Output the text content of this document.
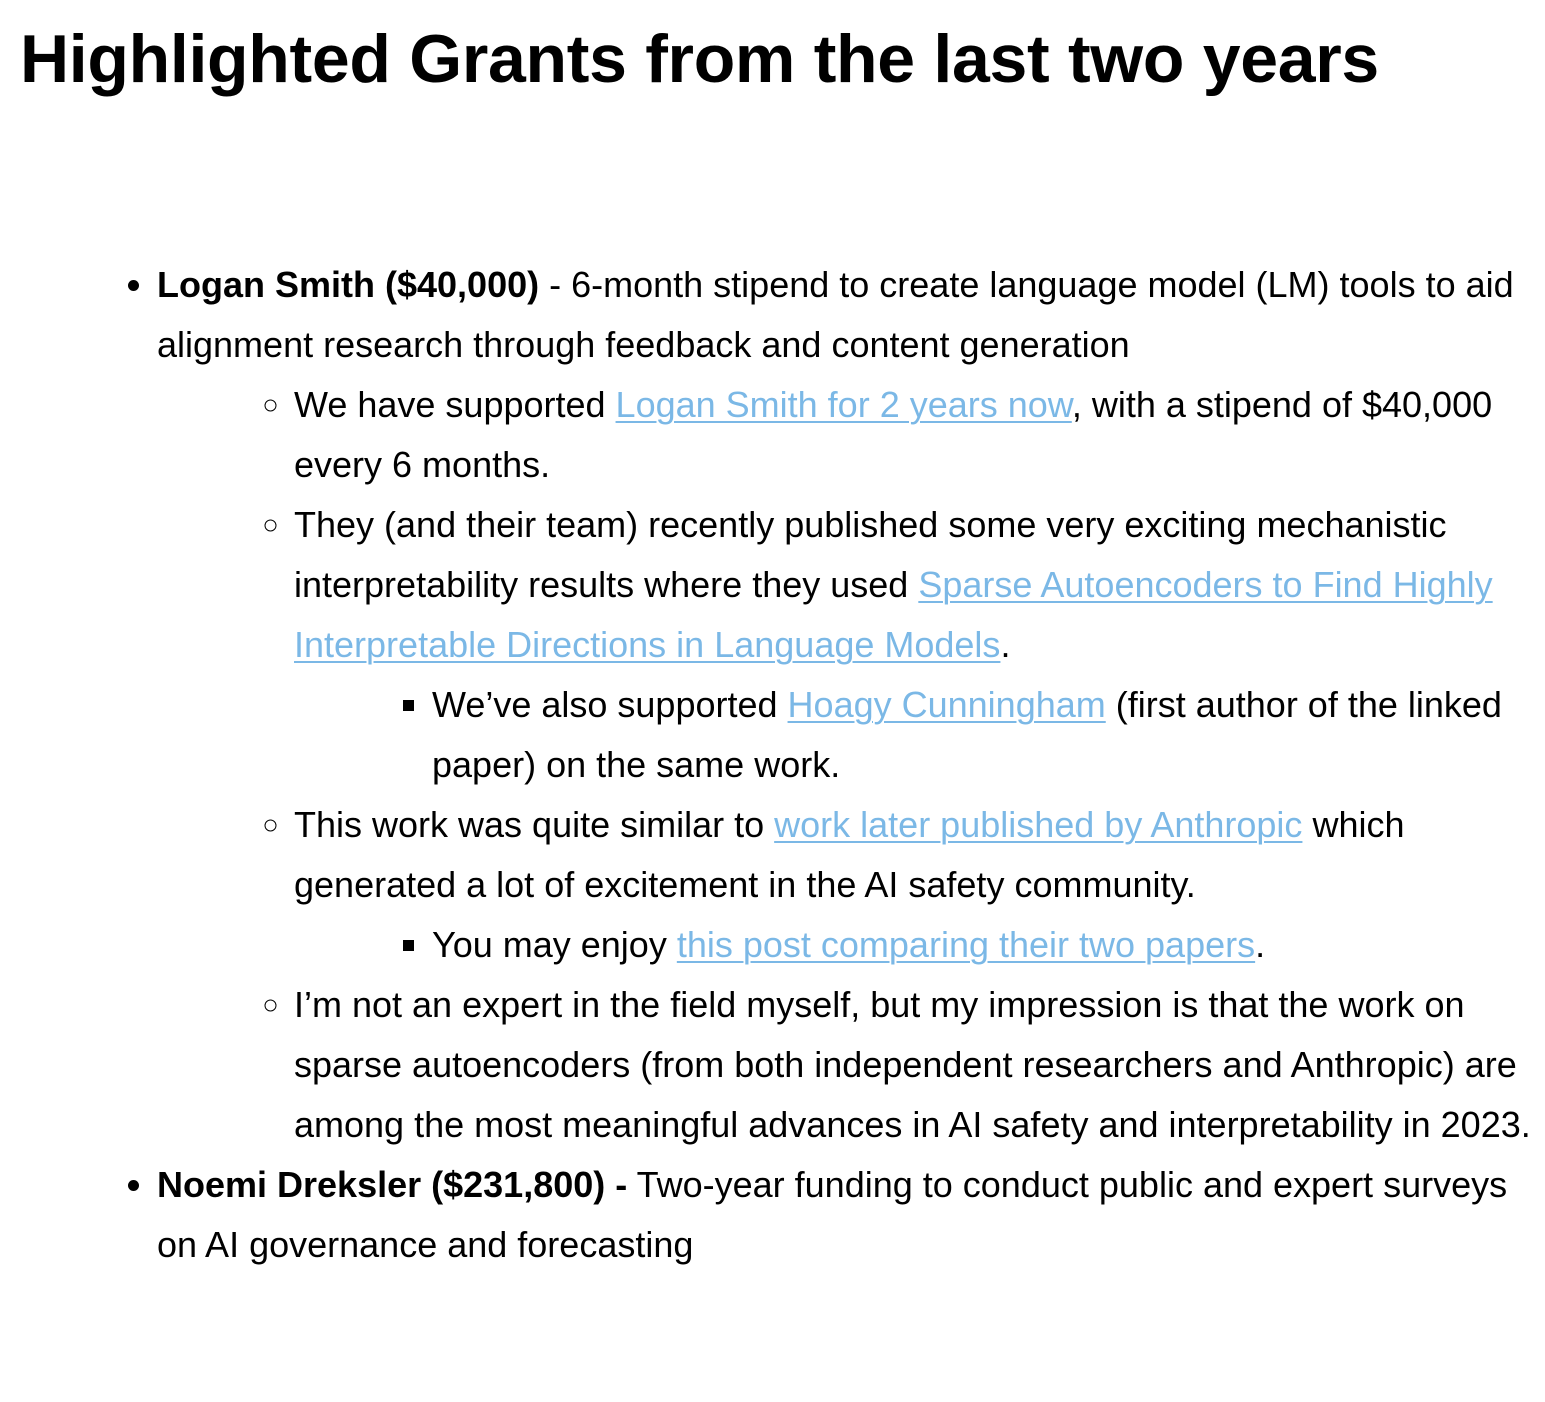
Highlighted Grants from the last two years
• Logan Smith ($40,000) - 6-month stipend to create language model (LM) tools to aid alignment research through feedback and content generation
◦ We have supported Logan Smith for 2 years now, with a stipend of $40,000 every 6 months.
◦ They (and their team) recently published some very exciting mechanistic interpretability results where they used Sparse Autoencoders to Find Highly Interpretable Directions in Language Models.
▪ We’ve also supported Hoagy Cunningham (first author of the linked paper) on the same work.
◦ This work was quite similar to work later published by Anthropic which generated a lot of excitement in the AI safety community.
▪ You may enjoy this post comparing their two papers.
◦ I’m not an expert in the field myself, but my impression is that the work on sparse autoencoders (from both independent researchers and Anthropic) are among the most meaningful advances in AI safety and interpretability in 2023.
• Noemi Dreksler ($231,800) - Two-year funding to conduct public and expert surveys on AI governance and forecasting
